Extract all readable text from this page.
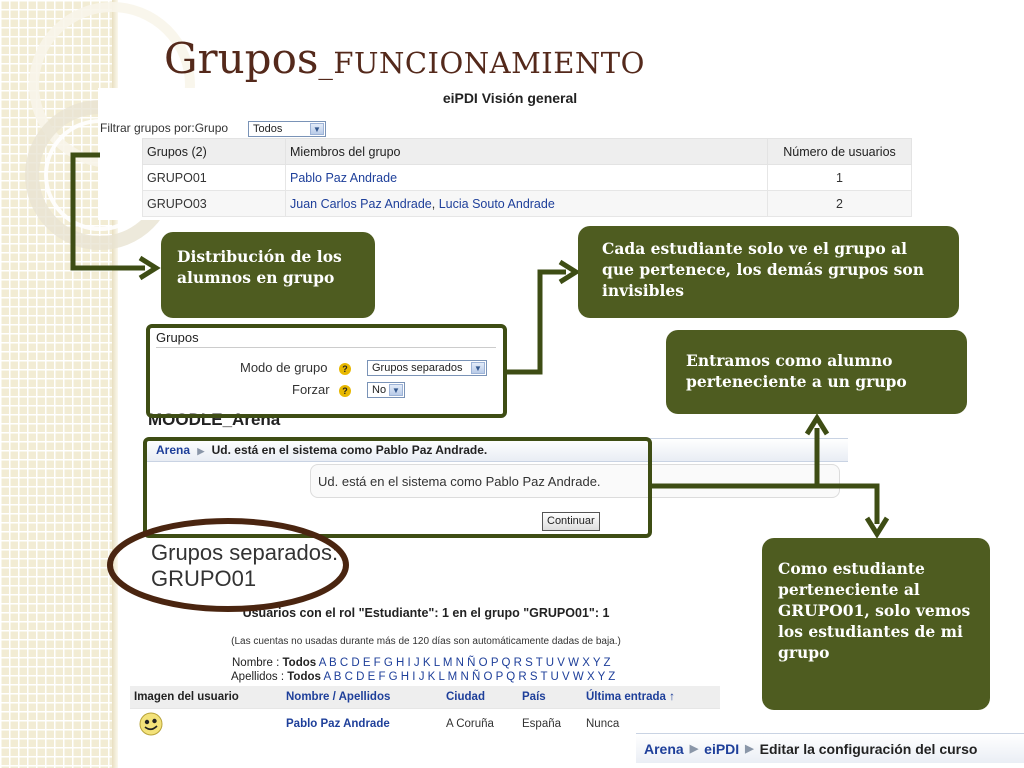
Grupos_FUNCIONAMIENTO
eiPDI Visión general
Filtrar grupos por:Grupo Todos	▼
Grupos (2)	Miembros del grupo	Número de usuarios
GRUPO01	Pablo Paz Andrade	1
GRUPO03	Juan Carlos Paz Andrade, Lucia Souto Andrade	2
Grupos
Modo de grupo	? Grupos separados	▼
Forzar	? No ▼
MOODLE_Arena
Arena ▶ Ud. está en el sistema como Pablo Paz Andrade.
Ud. está en el sistema como Pablo Paz Andrade.
Continuar
Grupos separados:
GRUPO01
Usuarios con el rol "Estudiante": 1 en el grupo "GRUPO01": 1
(Las cuentas no usadas durante más de 120 días son automáticamente dadas de baja.)
Nombre : Todos A B C D E F G H I J K L M N Ñ O P Q R S T U V W X Y Z
Apellidos : Todos A B C D E F G H I J K L M N Ñ O P Q R S T U V W X Y Z
Imagen del usuario	Nombre / Apellidos	Ciudad	País	Última entrada ↑
	Pablo Paz Andrade	A Coruña	España	Nunca
Distribución de los alumnos en grupo
Cada estudiante solo ve el grupo al que pertenece, los demás grupos son invisibles
Entramos como alumno perteneciente a un grupo
Como estudiante perteneciente al GRUPO01, solo vemos los estudiantes de mi grupo
Arena ▶ eiPDI ▶ Editar la configuración del curso
